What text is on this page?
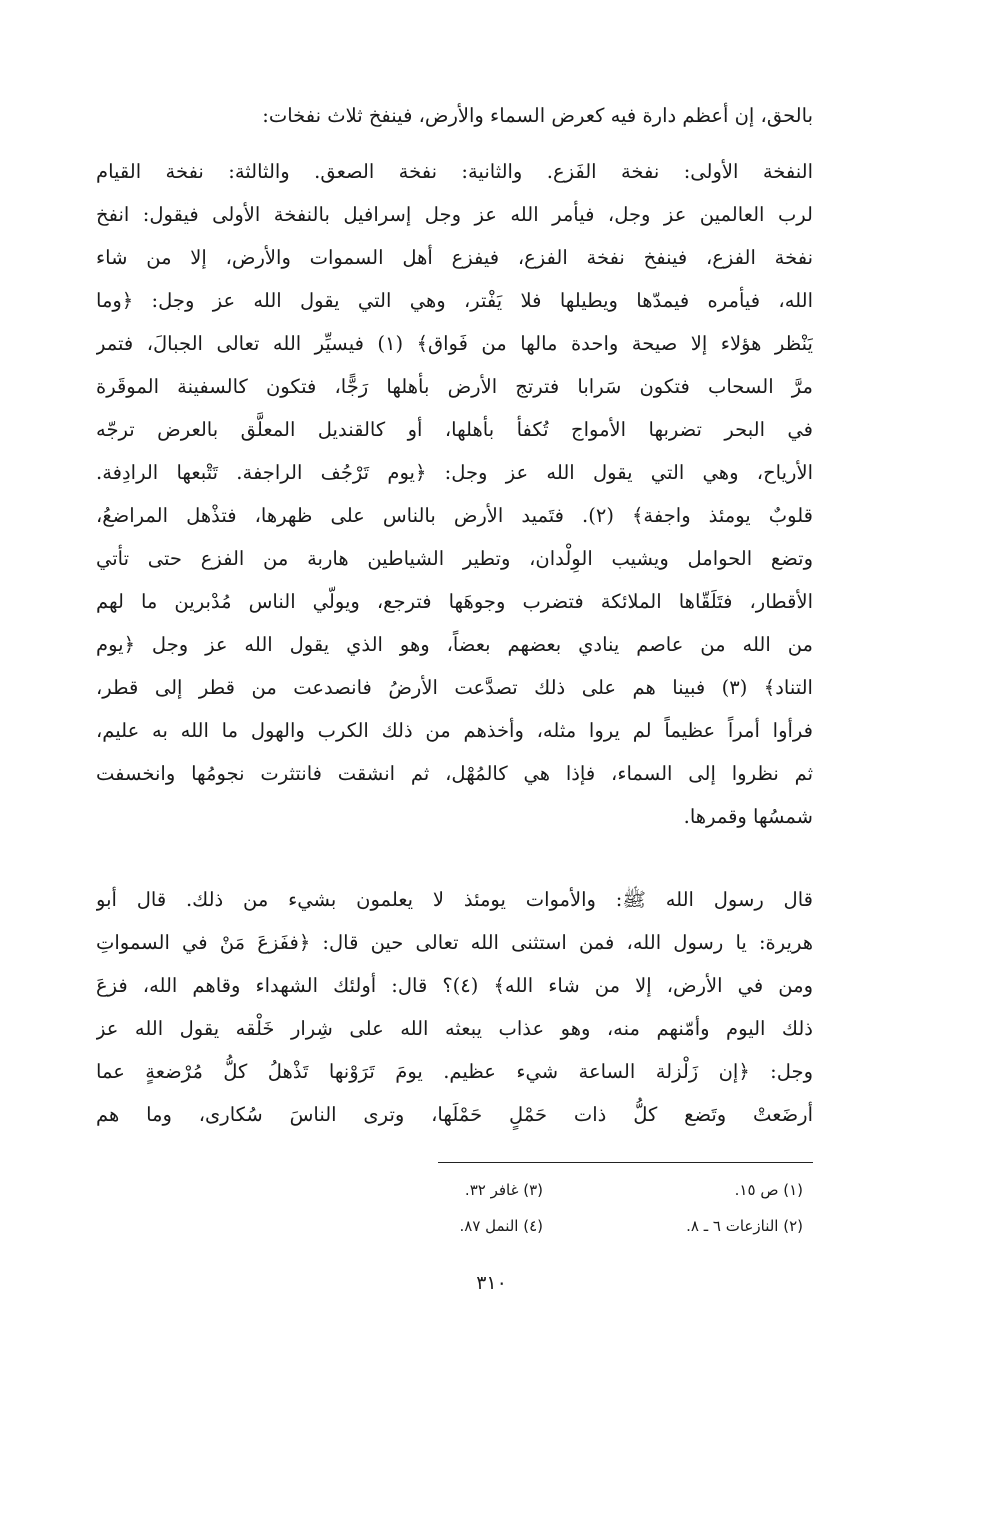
بالحق، إن أعظم دارة فيه كعرض السماء والأرض، فينفخ ثلاث نفخات:
النفخة الأولى: نفخة الفَزع. والثانية: نفخة الصعق. والثالثة: نفخة القيام
لرب العالمين عز وجل، فيأمر الله عز وجل إسرافيل بالنفخة الأولى فيقول: انفخ
نفخة الفزع، فينفخ نفخة الفزع، فيفزع أهل السموات والأرض، إلا من شاء
الله، فيأمره فيمدّها ويطيلها فلا يَفْتر، وهي التي يقول الله عز وجل: ﴿وما
يَنْظر هؤلاء إلا صيحة واحدة مالها من فَواق﴾ (١) فيسيِّر الله تعالى الجبالَ، فتمر
مرَّ السحاب فتكون سَرابا فترتج الأرض بأهلها رَجًّا، فتكون كالسفينة الموقَرة
في البحر تضربها الأمواج تُكفأ بأهلها، أو كالقنديل المعلَّق بالعرض ترجّه
الأرياح، وهي التي يقول الله عز وجل: ﴿يوم تَرْجُف الراجفة. تَتْبعها الرادِفة.
قلوبٌ يومئذ واجفة﴾ (٢). فتَميد الأرض بالناس على ظهرها، فتذْهل المراضعُ،
وتضع الحوامل ويشيب الوِلْدان، وتطير الشياطين هاربة من الفزع حتى تأتي
الأقطار، فتَلَقّاها الملائكة فتضرب وجوهَها فترجع، ويولّي الناس مُدْبرين ما لهم
من الله من عاصم ينادي بعضهم بعضاً، وهو الذي يقول الله عز وجل ﴿يوم
التناد﴾ (٣) فبينا هم على ذلك تصدَّعت الأرضُ فانصدعت من قطر إلى قطر،
فرأوا أمراً عظيماً لم يروا مثله، وأخذهم من ذلك الكرب والهول ما الله به عليم،
ثم نظروا إلى السماء، فإذا هي كالمُهْل، ثم انشقت فانتثرت نجومُها وانخسفت
شمسُها وقمرها.
قال رسول الله ﷺ: والأموات يومئذ لا يعلمون بشيء من ذلك. قال أبو
هريرة: يا رسول الله، فمن استثنى الله تعالى حين قال: ﴿ففَزعَ مَنْ في السمواتِ
ومن في الأرض، إلا من شاء الله﴾ (٤)؟ قال: أولئك الشهداء وقاهم الله، فزعَ
ذلك اليوم وأمّنهم منه، وهو عذاب يبعثه الله على شِرار خَلْقه يقول الله عز
وجل: ﴿إن زَلْزلة الساعة شيء عظيم. يومَ تَرَوْنها تَذْهلُ كلُّ مُرْضعةٍ عما
أرضَعتْ وتَضع كلُّ ذات حَمْلٍ حَمْلَها، وترى الناسَ سُكارى، وما هم
(١) ص ١٥.
(٣) غافر ٣٢.
(٢) النازعات ٦ ـ ٨.
(٤) النمل ٨٧.
٣١٠
